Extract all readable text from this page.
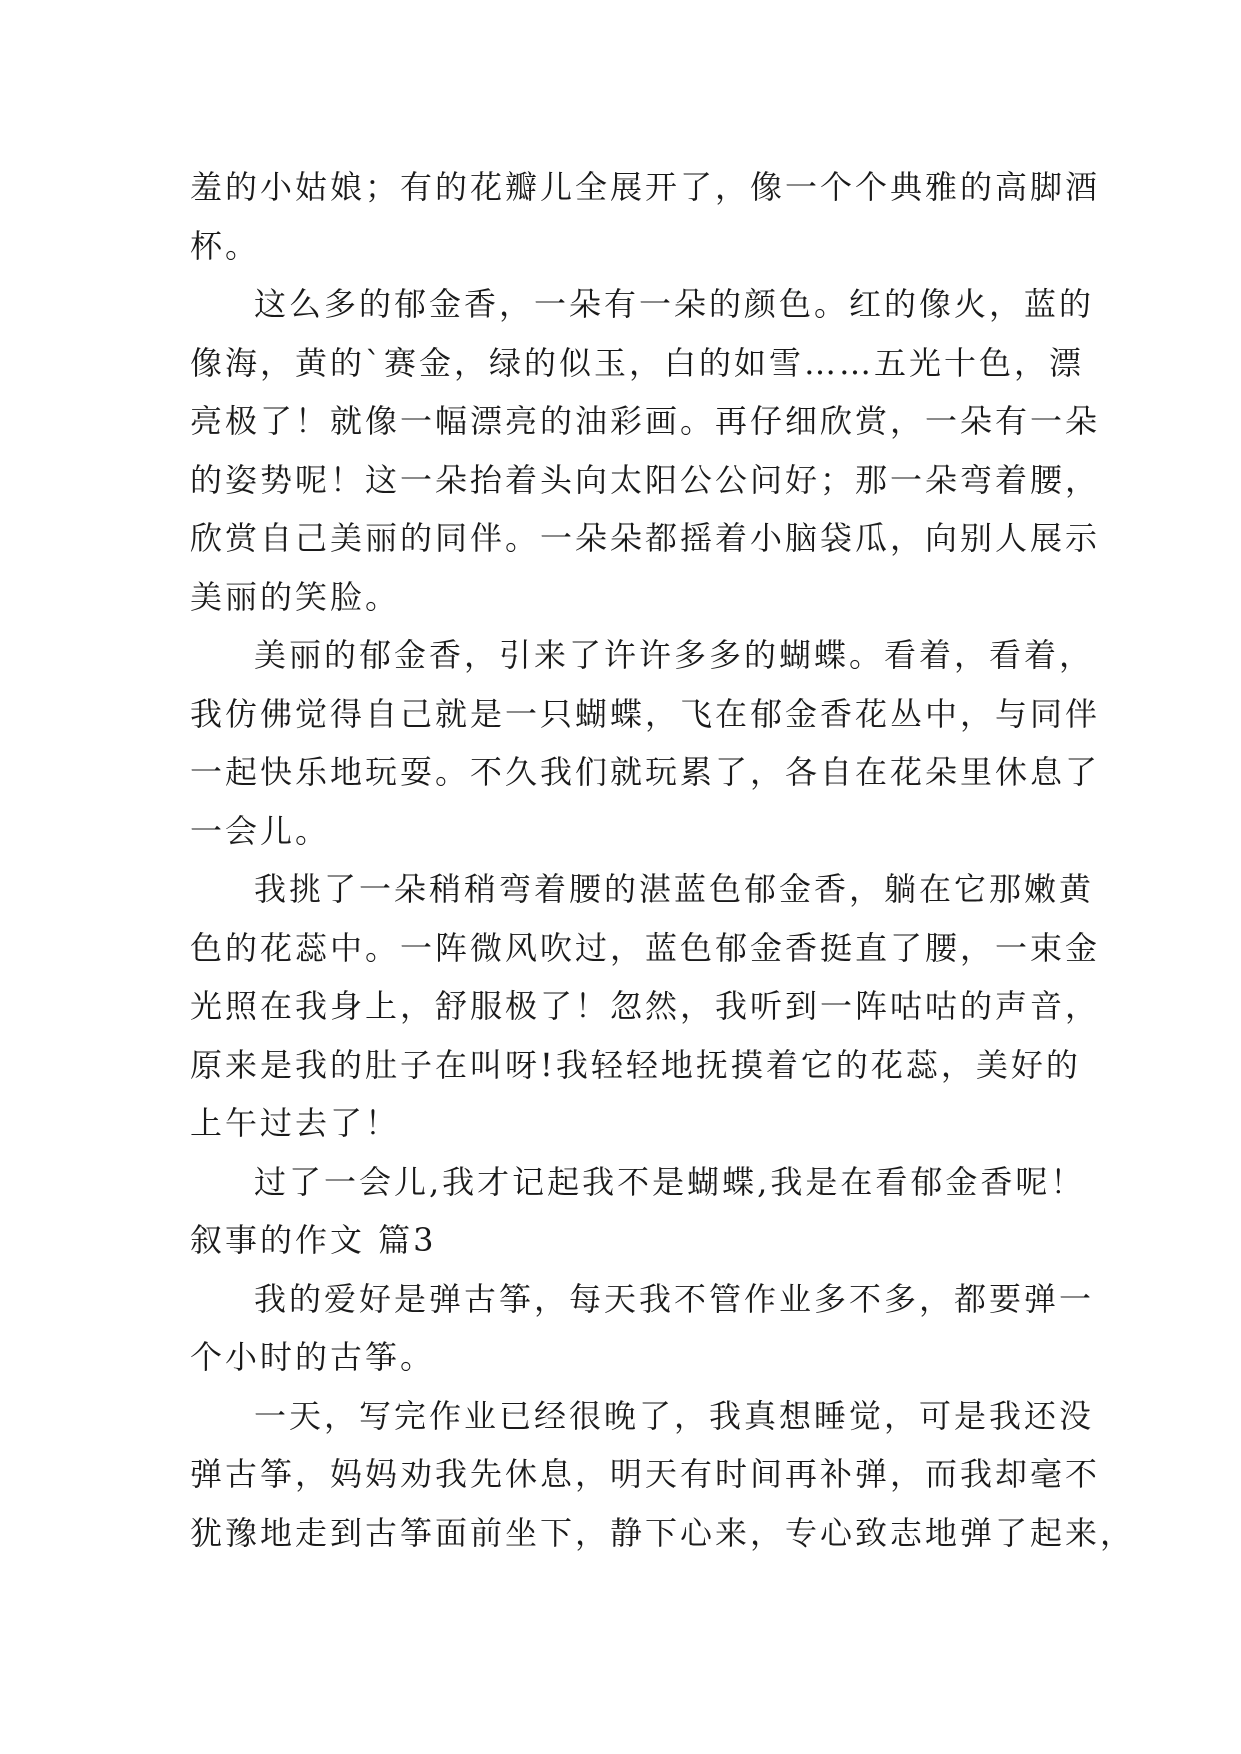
羞的小姑娘；有的花瓣儿全展开了，像一个个典雅的高脚酒
杯。
这么多的郁金香，一朵有一朵的颜色。红的像火，蓝的
像海，黄的`赛金，绿的似玉，白的如雪……五光十色，漂
亮极了！就像一幅漂亮的油彩画。再仔细欣赏，一朵有一朵
的姿势呢！这一朵抬着头向太阳公公问好；那一朵弯着腰，
欣赏自己美丽的同伴。一朵朵都摇着小脑袋瓜，向别人展示
美丽的笑脸。
美丽的郁金香，引来了许许多多的蝴蝶。看着，看着，
我仿佛觉得自己就是一只蝴蝶，飞在郁金香花丛中，与同伴
一起快乐地玩耍。不久我们就玩累了，各自在花朵里休息了
一会儿。
我挑了一朵稍稍弯着腰的湛蓝色郁金香，躺在它那嫩黄
色的花蕊中。一阵微风吹过，蓝色郁金香挺直了腰，一束金
光照在我身上，舒服极了！忽然，我听到一阵咕咕的声音，
原来是我的肚子在叫呀!我轻轻地抚摸着它的花蕊，美好的
上午过去了！
过了一会儿,我才记起我不是蝴蝶,我是在看郁金香呢！
叙事的作文 篇3
我的爱好是弹古筝，每天我不管作业多不多，都要弹一
个小时的古筝。
一天，写完作业已经很晚了，我真想睡觉，可是我还没
弹古筝，妈妈劝我先休息，明天有时间再补弹，而我却毫不
犹豫地走到古筝面前坐下，静下心来，专心致志地弹了起来，
